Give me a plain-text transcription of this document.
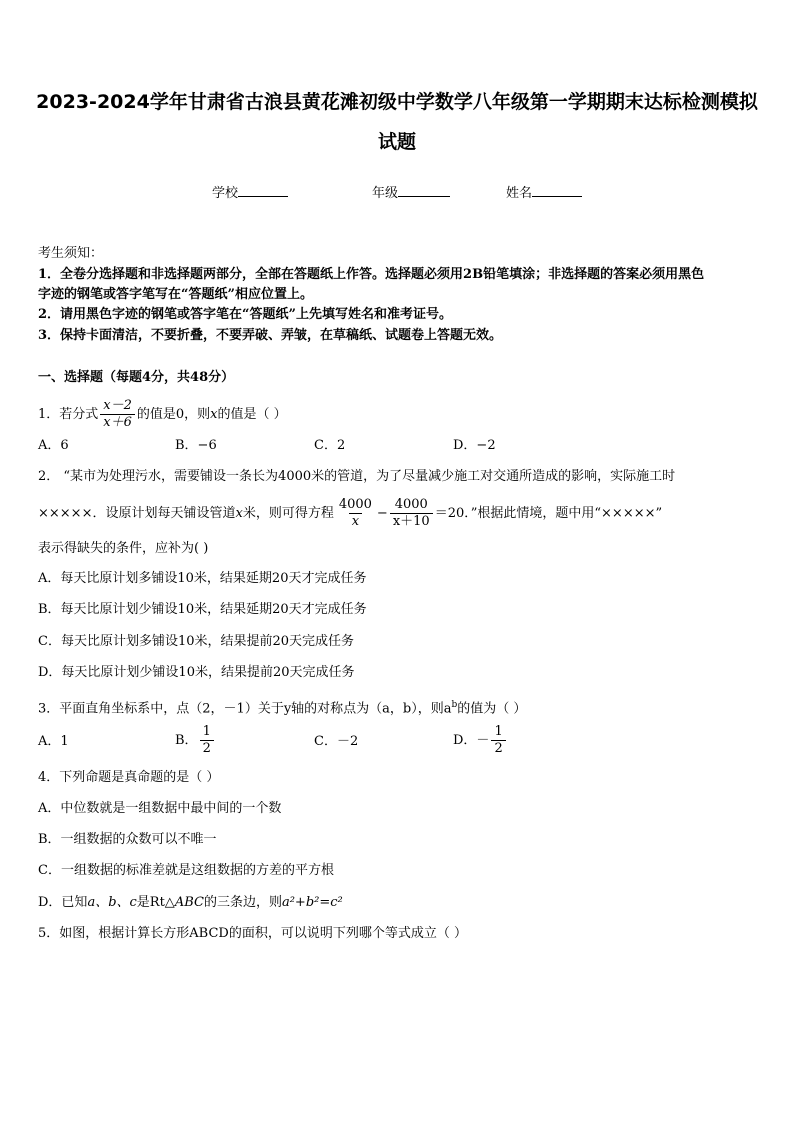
2023-2024学年甘肃省古浪县黄花滩初级中学数学八年级第一学期期末达标检测模拟
试题
学校	年级	姓名
考生须知：
1．全卷分选择题和非选择题两部分，全部在答题纸上作答。选择题必须用2B铅笔填涂；非选择题的答案必须用黑色
字迹的钢笔或答字笔写在“答题纸”相应位置上。
2．请用黑色字迹的钢笔或答字笔在“答题纸”上先填写姓名和准考证号。
3．保持卡面清洁，不要折叠，不要弄破、弄皱，在草稿纸、试题卷上答题无效。
一、选择题（每题4分，共48分）
1．若分式 $\frac{x-2}{x+6}$ 的值是0，则x的值是（ ）
A．6	B．−6	C．2	D．−2
2． “某市为处理污水，需要铺设一条长为4000米的管道，为了尽量减少施工对交通所造成的影响，实际施工时
×××××．设原计划每天铺设管道x米，则可得方程 $\frac{4000}{x} - \frac{4000}{x+10} =20$．”根据此情境，题中用“×××××”
表示得缺失的条件，应补为( )
A．每天比原计划多铺设10米，结果延期20天才完成任务
B．每天比原计划少铺设10米，结果延期20天才完成任务
C．每天比原计划多铺设10米，结果提前20天完成任务
D．每天比原计划少铺设10米，结果提前20天完成任务
3．平面直角坐标系中，点（2，－1）关于y轴的对称点为（a，b），则$a^b$的值为（ ）
A．1	B． $\frac{1}{2}$	C．－2	D．－ $\frac{1}{2}$
4．下列命题是真命题的是（ ）
A．中位数就是一组数据中最中间的一个数
B．一组数据的众数可以不唯一
C．一组数据的标准差就是这组数据的方差的平方根
D．已知a、b、c是Rt△ABC的三条边，则a²+b²=c²
5．如图，根据计算长方形ABCD的面积，可以说明下列哪个等式成立（ ）
